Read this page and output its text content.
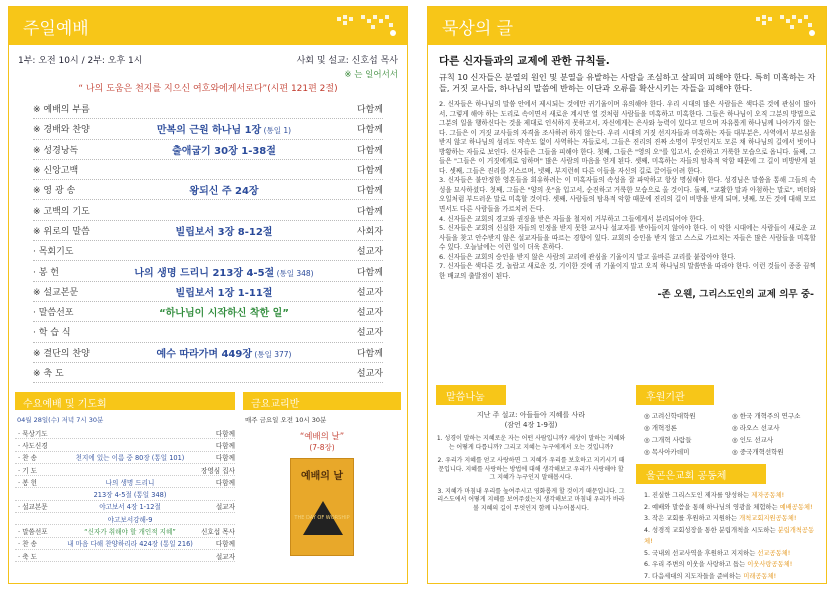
주일예배
1부: 오전 10시 / 2부: 오후 1시	사회 및 설교: 신호섭 목사
※ 는 일어서서
“ 나의 도움은 천지를 지으신 여호와에게서로다”(시편 121편 2절)
※ 예배의 부름	다함께
※ 경배와 찬양	만복의 근원 하나님 1장 (통일 1)	다함께
※ 성경낭독	출애굽기 30장 1-38절	다함께
※ 신앙고백	다함께
※ 영 광 송	왕되신 주 24장	다함께
※ 고백의 기도	다함께
※ 위로의 말씀	빌립보서 3장 8-12절	사회자
· 목회기도	설교자
· 봉 헌	나의 생명 드리니 213장 4-5절 (통일 348)	다함께
※ 설교본문	빌립보서 1장 1-11절	설교자
· 말씀선포	“하나님이 시작하신 착한 일”	설교자
· 학 습 식	설교자
※ 결단의 찬양	예수 따라가며 449장 (통일 377)	다함께
※ 축 도	설교자
수요예배 및 기도회
04월 28일(수) 저녁 7시 30분
· 묵상기도	다함께
· 사도신경	다함께
· 찬 송	천지에 있는 이름 중 80장 (통일 101)	다함께
· 기 도	장영심 집사
· 봉 헌	나의 생명 드리니	다함께
213장 4-5절 (통일 348)
· 설교본문	야고보서 4장 1-12절	설교자
야고보서강해-9
· 말씀선포	“신자가 취해야 할 개인적 지혜”	신호섭 목사
· 찬 송	내 마음 다해 찬양하리라 424장 (통일 216)	다함께
· 축 도	설교자
금요교리반
매주 금요일 오전 10시 30분
“예배의 날”
(7-8장)
예배의 날
THE DAY OF WORSHIP
묵상의 글
다른 신자들과의 교제에 관한 규칙들.
규칙 10 신자들은 분열의 원인 및 분열을 유발하는 사람을 조심하고 살피며 피해야 한다. 특히 미혹하는 자들, 거짓 교사들, 하나님의 말씀에 반하는 이단과 오류를 확산시키는 자들을 피해야 한다.
2. 신자들은 하나님의 말씀 안에서 제시되는 것에만 귀기울이며 유의해야 한다. 우리 시대의 많은 사람들은 색다른 것에 관심이 많아서, 그렇게 해야 하는 도리로 속이면서 새로운 계시만 열 것처럼 사람들을 미혹하고 미혹한다. 그들은 하나님이 오직 그분의 방법으로 그분의 일을 행하신다는 것을 제대로 인식하지 못하고서, 자신에게는 은사와 능력이 있다고 믿으며 자유롭게 하나님께 나아가지 않는다. 그들은 이 거짓 교사들의 자격을 조사하려 하지 않는다. 우리 시대의 거짓 선지자들과 미혹하는 자들 대부분은, 사역에서 부르심을 받지 않고 하나님의 섬리도 약속도 없이 사역하는 자들로서, 그들은 진리의 진짜 소명이 무엇인지도 모른 채 하나님의 길에서 벗어나 방황하는 자들로 보인다. 신자들은 그들을 피해야 한다. 첫째, 그들은 "영의 오"를 입고서, 순진하고 거룩한 모습으로 옵니다. 둘째, 그들은 "그들은 이 거짓에게로 임하며" 많은 사람의 마음을 얻게 된다. 셋째, 미혹하는 자들의 탐욕적 악함 때문에 그 길이 비방받게 된다. 셋째, 그들은 진리를 거스르며, 넷째, 부지런히 다른 이들을 자신의 길로 끌어들이려 한다.
3. 신자들은 불안정한 영혼들을 회유하려는 이 미혹자들의 속성을 잘 파악하고 항상 명심해야 한다. 성경님은 말씀을 통해 그들의 속성을 묘사하셨다. 첫째, 그들은 "양의 옷"을 입고서, 순진하고 거룩한 모습으로 올 것이다. 둘째, "교활한 말과 아첨하는 말로", 버터와 오일처럼 부드러운 말로 미혹할 것이다. 셋째, 사람들의 탐욕적 악함 때문에 진리의 길이 비방을 받게 되며, 넷째, 모든 것에 대해 모르면서도 다른 사람들을 가르치려 든다.
4. 신자들은 교회의 경고와 권징을 받은 자들을 철저히 거부하고 그들에게서 분리되어야 한다.
5. 신자들은 교회의 신실한 자들의 인정을 받지 못한 교사나 설교자를 받아들이지 않아야 한다. 이 악한 시대에는 사람들이 새로운 교사들을 찾고 안수받지 않은 설교자들을 따르는 경향이 있다. 교회의 승인을 받지 않고 스스로 가르치는 자들은 많은 사람들을 미혹할 수 있다. 오늘날에는 이런 일이 더욱 흔하다.
6. 신자들은 교회의 승인을 받지 않은 사람의 교리에 관심을 기울이지 말고 올바른 교리를 붙잡아야 한다.
7. 신자들은 색다른 것, 놀랍고 새로운 것, 기이한 것에 귀 기울이지 말고 오직 하나님의 말씀만을 따라야 한다. 이런 것들이 종종 끔찍한 배교의 출발점이 된다.
-존 오웬, 그리스도인의 교제 의무 중-
말씀나눔
지난 주 설교: 아들들아 지혜를 사라
(잠언 4장 1-9절)
1. 성경이 말하는 지혜로운 자는 어떤 사람입니까? 세상이 말하는 지혜와는 어떻게 다릅니까? 그리고 지혜는 누구에게서 오는 것입니까?
2. 우리가 지혜를 얻고 사랑하면 그 지혜가 우리를 보호하고 지키시기 때문입니다. 지혜를 사랑하는 방법에 대해 생각해보고 우리가 사랑해야 할 그 지혜가 누구인지 말해봅시다.
3. 지혜가 마침내 우리를 높여주시고 영화롭게 할 것이기 때문입니다. 그리스도에서 어떻게 지혜를 보여주셨는지 생각해보고 마침내 우리가 바라볼 지혜의 길이 무엇인지 함께 나누어봅시다.
후원기관
◎ 고려신학대학원	◎ 한국 개혁주의 연구소
◎ 개혁정론	◎ 라오스 선교사
◎ 그개혁 사람들	◎ 인도 선교사
◎ 목사아카데미	◎ 중국개혁선학원
울곤은교회 공동체
1. 진실한 그리스도인 제자를 양성하는 제자공동체!
2. 예배와 말씀을 통해 하나님의 영광을 체험하는 예배공동체!
3. 작은 교회를 후원하고 지원하는 개척교회지원공동체!
4. 성경적 교회성장을 통한 분립개척을 시도하는 분립개척공동체!
5. 국내외 선교사역을 후원하고 지지하는 선교공동체!
6. 우리 주변의 이웃을 사랑하고 돕는 이웃사랑공동체!
7. 다음세대의 지도자들을 준비하는 미래공동체!
